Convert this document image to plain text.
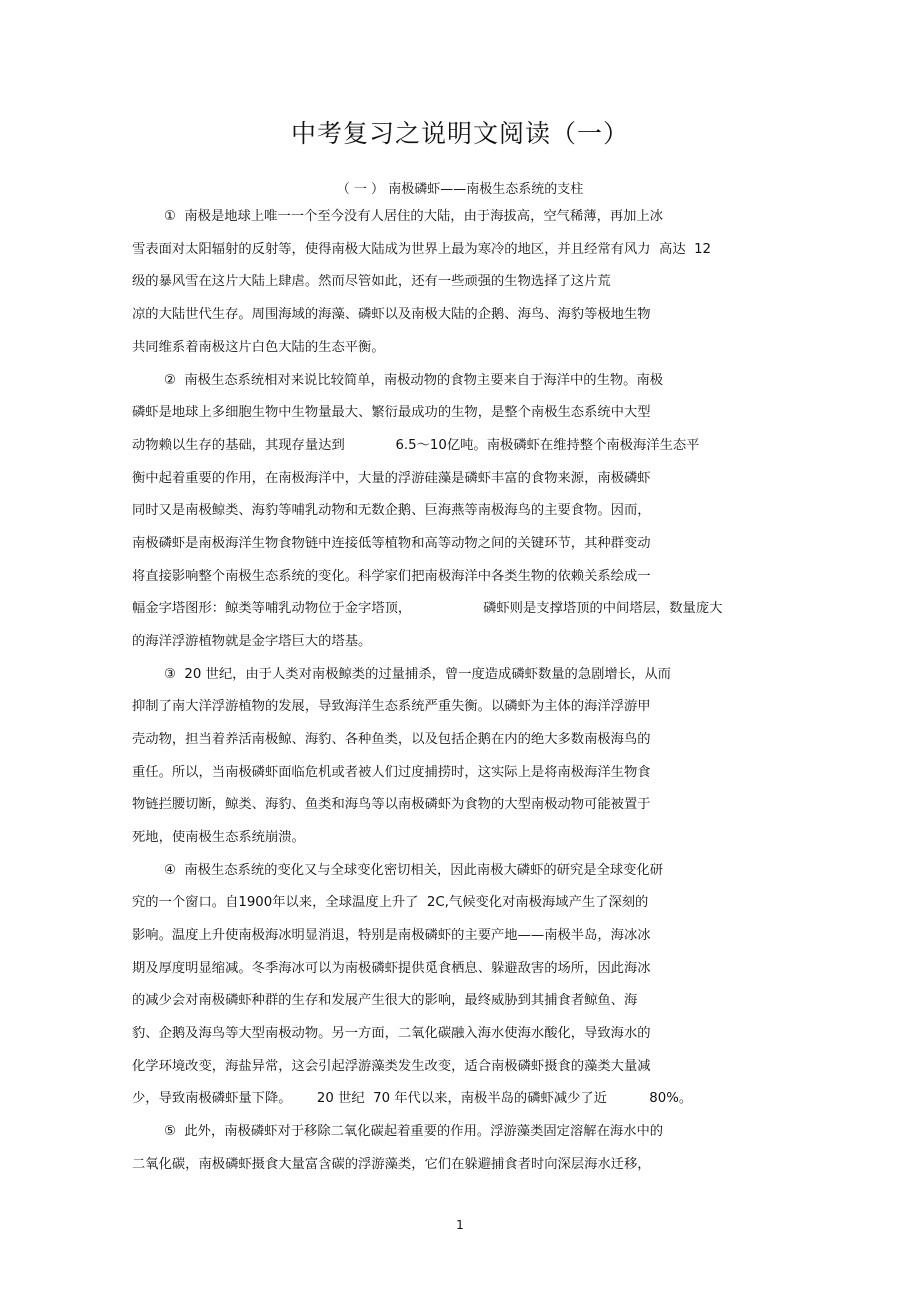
中考复习之说明文阅读（一）
（ 一 ） 南极磷虾——南极生态系统的支柱
①  南极是地球上唯一一个至今没有人居住的大陆，由于海拔高，空气稀薄，再加上冰
雪表面对太阳辐射的反射等，使得南极大陆成为世界上最为寒冷的地区，并且经常有风力  高达  12
级的暴风雪在这片大陆上肆虐。然而尽管如此，还有一些顽强的生物选择了这片荒
凉的大陆世代生存。周围海域的海藻、磷虾以及南极大陆的企鹅、海鸟、海豹等极地生物
共同维系着南极这片白色大陆的生态平衡。
②  南极生态系统相对来说比较简单，南极动物的食物主要来自于海洋中的生物。南极
磷虾是地球上多细胞生物中生物量最大、繁衍最成功的生物，是整个南极生态系统中大型
动物赖以生存的基础，其现存量达到            6.5～10亿吨。南极磷虾在维持整个南极海洋生态平
衡中起着重要的作用，在南极海洋中，大量的浮游硅藻是磷虾丰富的食物来源，南极磷虾
同时又是南极鲸类、海豹等哺乳动物和无数企鹅、巨海燕等南极海鸟的主要食物。因而，
南极磷虾是南极海洋生物食物链中连接低等植物和高等动物之间的关键环节，其种群变动
将直接影响整个南极生态系统的变化。科学家们把南极海洋中各类生物的依赖关系绘成一
幅金字塔图形：鲸类等哺乳动物位于金字塔顶，                 磷虾则是支撑塔顶的中间塔层，数量庞大
的海洋浮游植物就是金字塔巨大的塔基。
③  20 世纪，由于人类对南极鲸类的过量捕杀，曾一度造成磷虾数量的急剧增长，从而
抑制了南大洋浮游植物的发展，导致海洋生态系统严重失衡。以磷虾为主体的海洋浮游甲
壳动物，担当着养活南极鲸、海豹、各种鱼类，以及包括企鹅在内的绝大多数南极海鸟的
重任。所以，当南极磷虾面临危机或者被人们过度捕捞时，这实际上是将南极海洋生物食
物链拦腰切断，鲸类、海豹、鱼类和海鸟等以南极磷虾为食物的大型南极动物可能被置于
死地，使南极生态系统崩溃。
④  南极生态系统的变化又与全球变化密切相关，因此南极大磷虾的研究是全球变化研
究的一个窗口。自1900年以来，全球温度上升了  2C,气候变化对南极海域产生了深刻的
影响。温度上升使南极海冰明显消退，特别是南极磷虾的主要产地——南极半岛，海冰冰
期及厚度明显缩减。冬季海冰可以为南极磷虾提供觅食栖息、躲避敌害的场所，因此海冰
的减少会对南极磷虾种群的生存和发展产生很大的影响，最终威胁到其捕食者鲸鱼、海
豹、企鹅及海鸟等大型南极动物。另一方面，二氧化碳融入海水使海水酸化，导致海水的
化学环境改变，海盐异常，这会引起浮游藻类发生改变，适合南极磷虾摄食的藻类大量减
少，导致南极磷虾量下降。      20 世纪  70 年代以来，南极半岛的磷虾减少了近          80%。
⑤  此外，南极磷虾对于移除二氧化碳起着重要的作用。浮游藻类固定溶解在海水中的
二氧化碳，南极磷虾摄食大量富含碳的浮游藻类，它们在躲避捕食者时向深层海水迁移，
1
